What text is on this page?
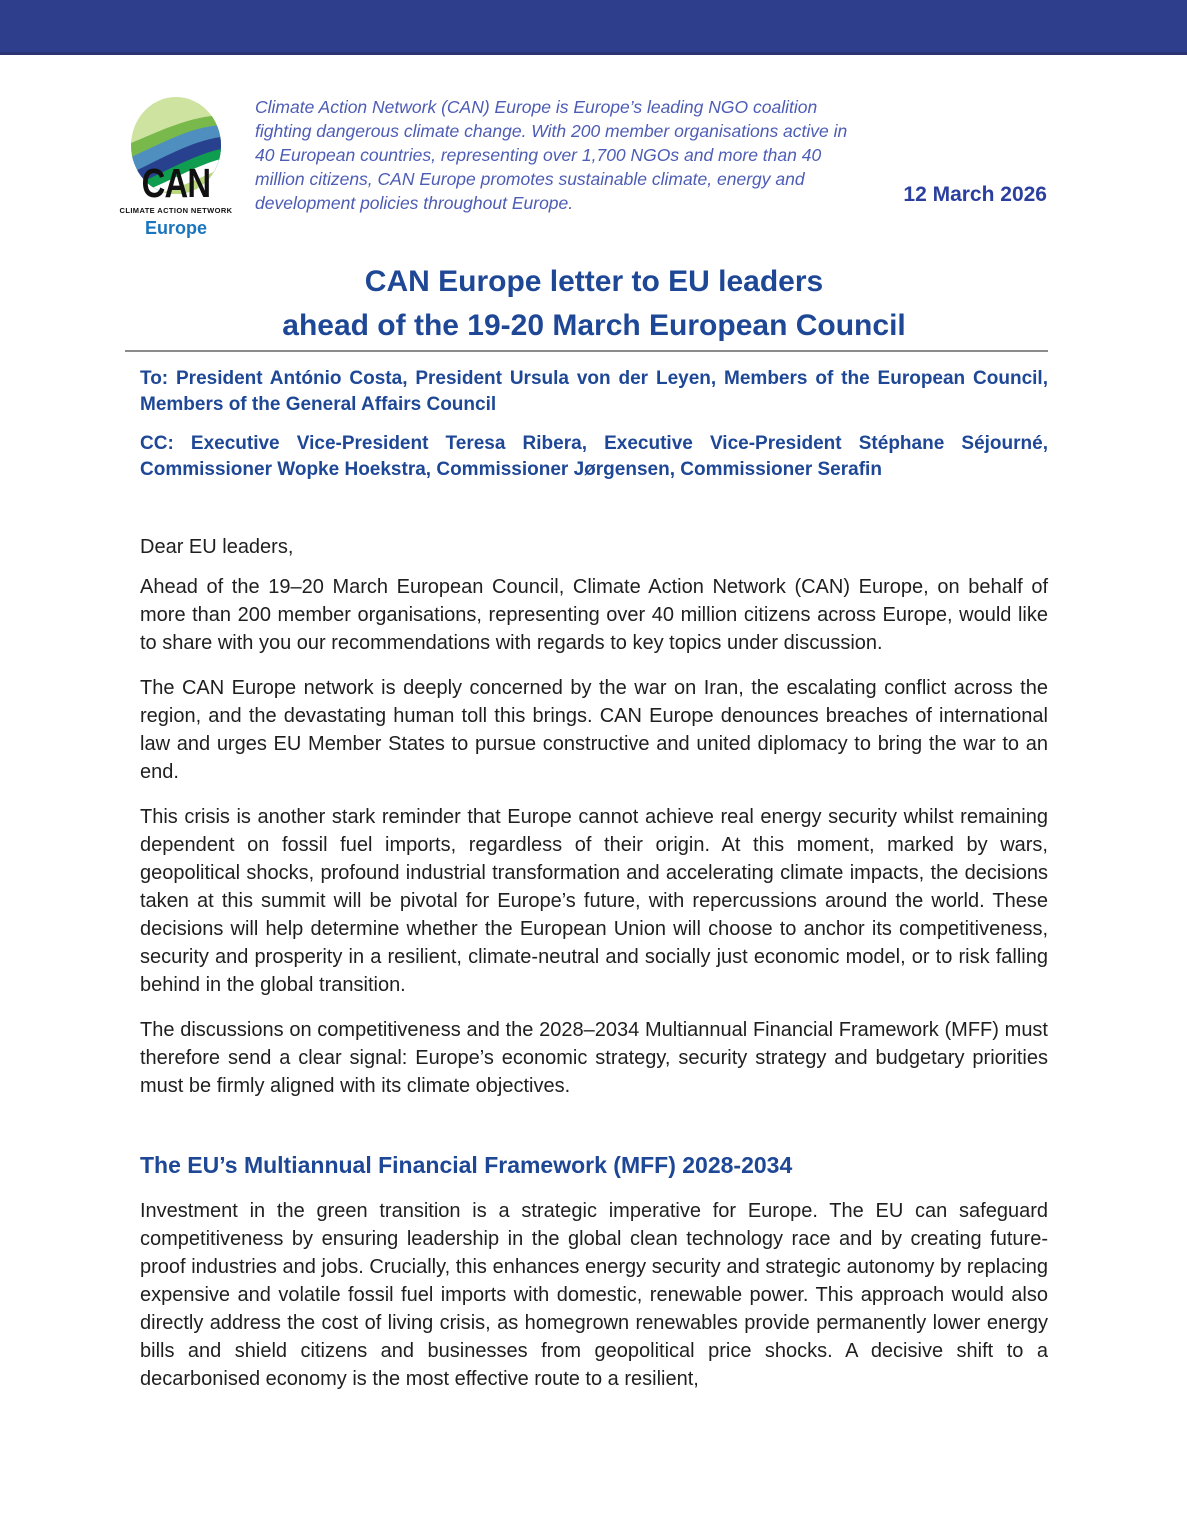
CAN
CLIMATE ACTION NETWORK
Europe
Climate Action Network (CAN) Europe is Europe’s leading NGO coalition fighting dangerous climate change. With 200 member organisations active in 40 European countries, representing over 1,700 NGOs and more than 40 million citizens, CAN Europe promotes sustainable climate, energy and development policies throughout Europe.	12 March 2026
CAN Europe letter to EU leaders
ahead of the 19-20 March European Council

To: President António Costa, President Ursula von der Leyen, Members of the European Council, Members of the General Affairs Council

CC: Executive Vice-President Teresa Ribera, Executive Vice-President Stéphane Séjourné, Commissioner Wopke Hoekstra, Commissioner Jørgensen, Commissioner Serafin

Dear EU leaders,

Ahead of the 19–20 March European Council, Climate Action Network (CAN) Europe, on behalf of more than 200 member organisations, representing over 40 million citizens across Europe, would like to share with you our recommendations with regards to key topics under discussion.

The CAN Europe network is deeply concerned by the war on Iran, the escalating conflict across the region, and the devastating human toll this brings. CAN Europe denounces breaches of international law and urges EU Member States to pursue constructive and united diplomacy to bring the war to an end.

This crisis is another stark reminder that Europe cannot achieve real energy security whilst remaining dependent on fossil fuel imports, regardless of their origin. At this moment, marked by wars, geopolitical shocks, profound industrial transformation and accelerating climate impacts, the decisions taken at this summit will be pivotal for Europe’s future, with repercussions around the world. These decisions will help determine whether the European Union will choose to anchor its competitiveness, security and prosperity in a resilient, climate-neutral and socially just economic model, or to risk falling behind in the global transition.

The discussions on competitiveness and the 2028–2034 Multiannual Financial Framework (MFF) must therefore send a clear signal: Europe’s economic strategy, security strategy and budgetary priorities must be firmly aligned with its climate objectives.

The EU’s Multiannual Financial Framework (MFF) 2028-2034

Investment in the green transition is a strategic imperative for Europe. The EU can safeguard competitiveness by ensuring leadership in the global clean technology race and by creating future-proof industries and jobs. Crucially, this enhances energy security and strategic autonomy by replacing expensive and volatile fossil fuel imports with domestic, renewable power. This approach would also directly address the cost of living crisis, as homegrown renewables provide permanently lower energy bills and shield citizens and businesses from geopolitical price shocks. A decisive shift to a decarbonised economy is the most effective route to a resilient,
